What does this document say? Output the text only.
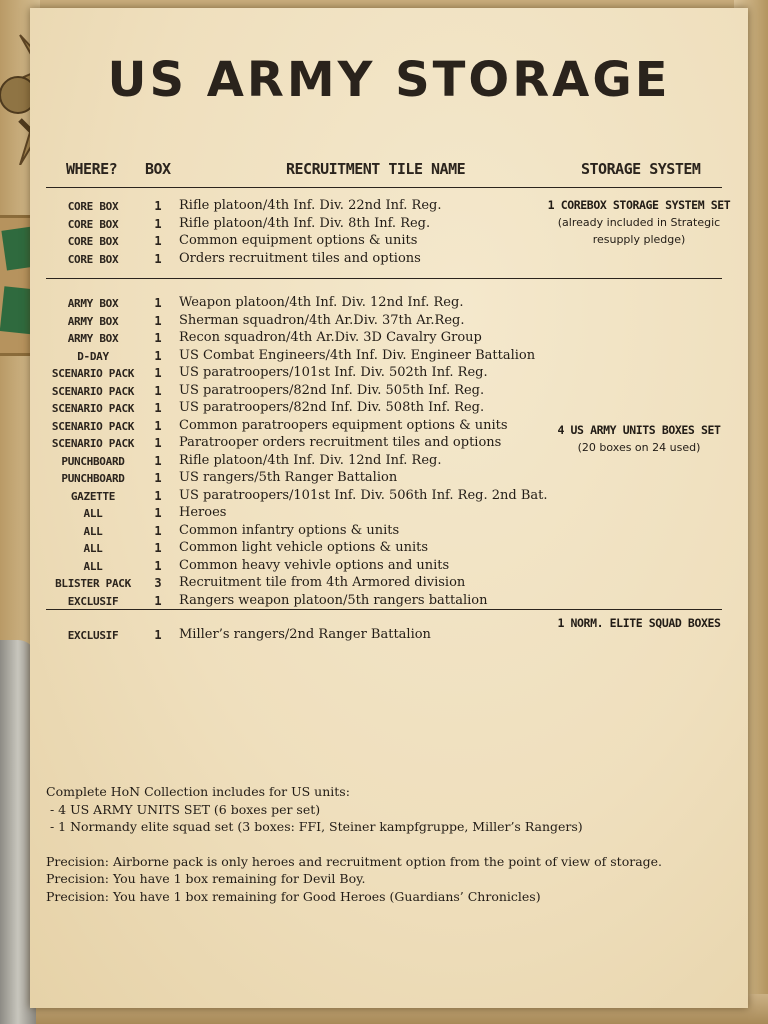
US ARMY STORAGE
WHERE? BOX	RECRUITMENT TILE NAME	STORAGE SYSTEM
CORE BOX	1	Rifle platoon/4th Inf. Div. 22nd Inf. Reg.
CORE BOX	1	Rifle platoon/4th Inf. Div. 8th Inf. Reg.
CORE BOX	1	Common equipment options & units
CORE BOX	1	Orders recruitment tiles and options
1 COREBOX STORAGE SYSTEM SET
(already included in Strategic resupply pledge)
ARMY BOX	1	Weapon platoon/4th Inf. Div. 12nd Inf. Reg.
ARMY BOX	1	Sherman squadron/4th Ar.Div. 37th Ar.Reg.
ARMY BOX	1	Recon squadron/4th Ar.Div. 3D Cavalry Group
D-DAY	1	US Combat Engineers/4th Inf. Div. Engineer Battalion
SCENARIO PACK	1	US paratroopers/101st Inf. Div. 502th Inf. Reg.
SCENARIO PACK	1	US paratroopers/82nd Inf. Div. 505th Inf. Reg.
SCENARIO PACK	1	US paratroopers/82nd Inf. Div. 508th Inf. Reg.
SCENARIO PACK	1	Common paratroopers equipment options & units
SCENARIO PACK	1	Paratrooper orders recruitment tiles and options
PUNCHBOARD	1	Rifle platoon/4th Inf. Div. 12nd Inf. Reg.
PUNCHBOARD	1	US rangers/5th Ranger Battalion
GAZETTE	1	US paratroopers/101st Inf. Div. 506th Inf. Reg. 2nd Bat.
ALL	1	Heroes
ALL	1	Common infantry options & units
ALL	1	Common light vehicle options & units
ALL	1	Common heavy vehivle options and units
BLISTER PACK	3	Recruitment tile from 4th Armored division
EXCLUSIF	1	Rangers weapon platoon/5th rangers battalion
4 US ARMY UNITS BOXES SET
(20 boxes on 24 used)
EXCLUSIF	1	Miller’s rangers/2nd Ranger Battalion
1 NORM. ELITE SQUAD BOXES

Complete HoN Collection includes for US units:

- 4 US ARMY UNITS SET (6 boxes per set)

- 1 Normandy elite squad set (3 boxes: FFI, Steiner kampfgruppe, Miller’s Rangers)

Precision: Airborne pack is only heroes and recruitment option from the point of view of storage.

Precision: You have 1 box remaining for Devil Boy.

Precision: You have 1 box remaining for Good Heroes (Guardians’ Chronicles)
